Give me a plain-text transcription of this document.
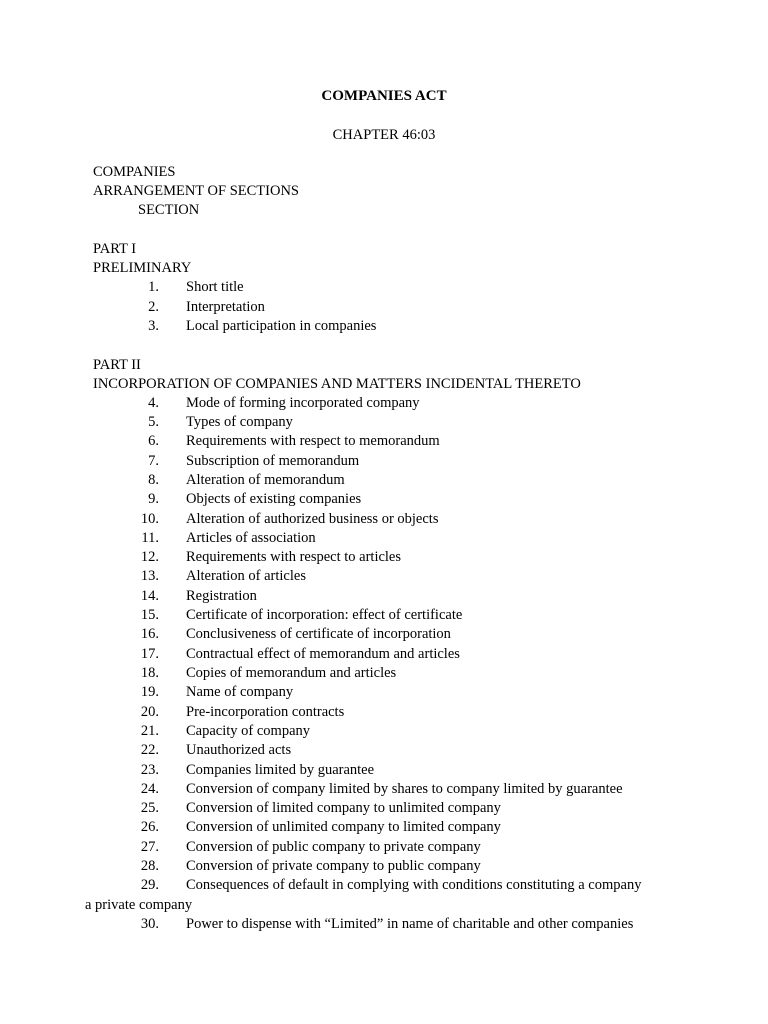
COMPANIES ACT
CHAPTER 46:03
COMPANIES
ARRANGEMENT OF SECTIONS
SECTION
PART I
PRELIMINARY
1. Short title
2. Interpretation
3. Local participation in companies
PART II
INCORPORATION OF COMPANIES AND MATTERS INCIDENTAL THERETO
4. Mode of forming incorporated company
5. Types of company
6. Requirements with respect to memorandum
7. Subscription of memorandum
8. Alteration of memorandum
9. Objects of existing companies
10. Alteration of authorized business or objects
11. Articles of association
12. Requirements with respect to articles
13. Alteration of articles
14. Registration
15. Certificate of incorporation: effect of certificate
16. Conclusiveness of certificate of incorporation
17. Contractual effect of memorandum and articles
18. Copies of memorandum and articles
19. Name of company
20. Pre-incorporation contracts
21. Capacity of company
22. Unauthorized acts
23. Companies limited by guarantee
24. Conversion of company limited by shares to company limited by guarantee
25. Conversion of limited company to unlimited company
26. Conversion of unlimited company to limited company
27. Conversion of public company to private company
28. Conversion of private company to public company
29. Consequences of default in complying with conditions constituting a company
a private company
30. Power to dispense with “Limited” in name of charitable and other companies
